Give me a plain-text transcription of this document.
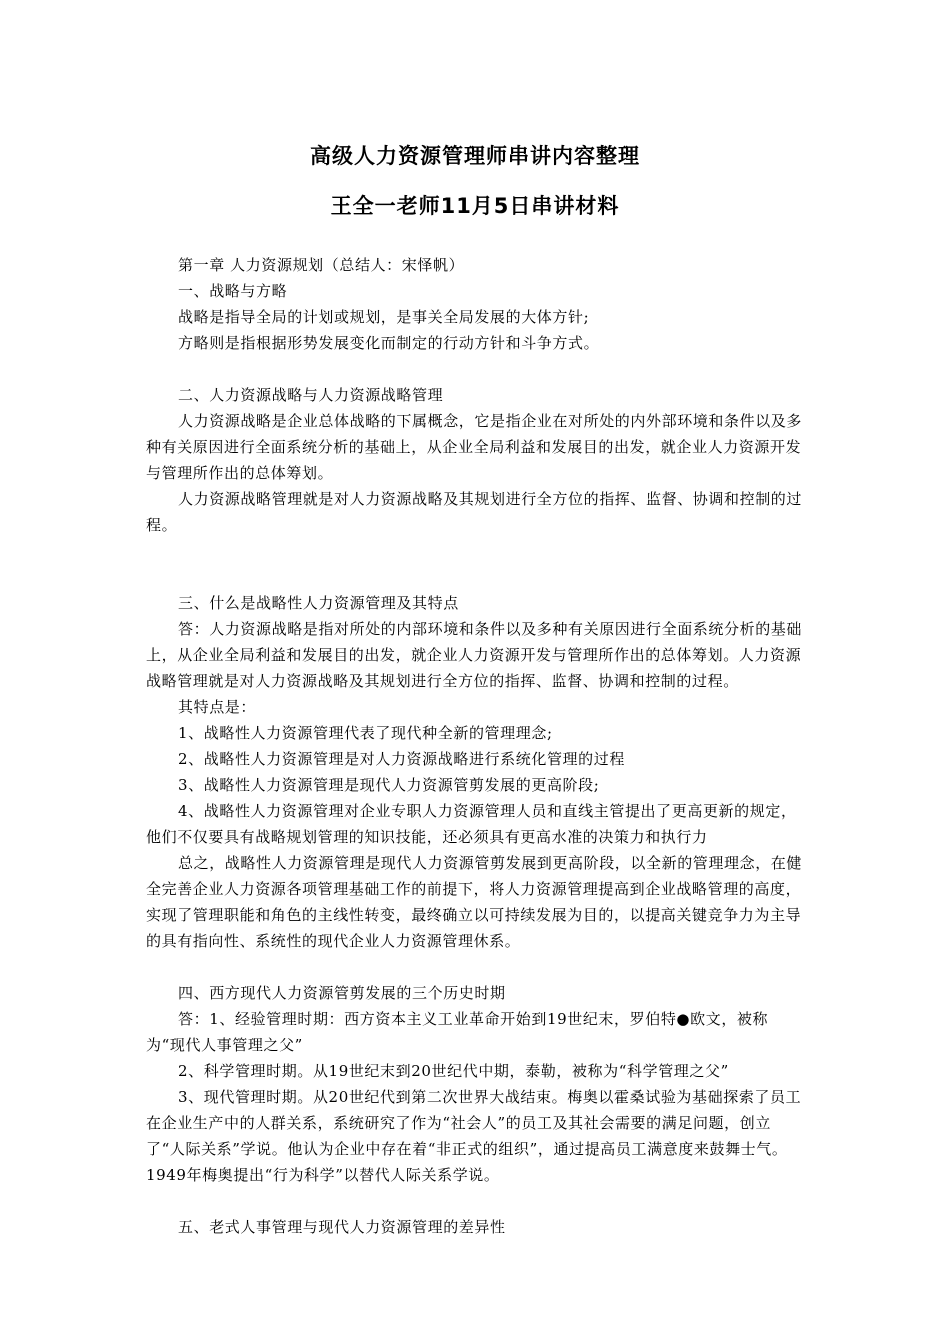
高级人力资源管理师串讲内容整理
王全一老师11月5日串讲材料

第一章 人力资源规划（总结人：宋怿帆）

一、战略与方略

战略是指导全局的计划或规划，是事关全局发展的大体方针;

方略则是指根据形势发展变化而制定的行动方针和斗争方式。

二、人力资源战略与人力资源战略管理

人力资源战略是企业总体战略的下属概念，它是指企业在对所处的内外部环境和条件以及多种有关原因进行全面系统分析的基础上，从企业全局利益和发展目的出发，就企业人力资源开发与管理所作出的总体筹划。

人力资源战略管理就是对人力资源战略及其规划进行全方位的指挥、监督、协调和控制的过程。

三、什么是战略性人力资源管理及其特点

答：人力资源战略是指对所处的内部环境和条件以及多种有关原因进行全面系统分析的基础上，从企业全局利益和发展目的出发，就企业人力资源开发与管理所作出的总体筹划。人力资源战略管理就是对人力资源战略及其规划进行全方位的指挥、监督、协调和控制的过程。

其特点是：

1、战略性人力资源管理代表了现代种全新的管理理念;

2、战略性人力资源管理是对人力资源战略进行系统化管理的过程

3、战略性人力资源管理是现代人力资源管剪发展的更高阶段;

4、战略性人力资源管理对企业专职人力资源管理人员和直线主管提出了更高更新的规定，他们不仅要具有战略规划管理的知识技能，还必须具有更高水准的决策力和执行力

总之，战略性人力资源管理是现代人力资源管剪发展到更高阶段，以全新的管理理念，在健全完善企业人力资源各项管理基础工作的前提下，将人力资源管理提高到企业战略管理的高度，实现了管理职能和角色的主线性转变，最终确立以可持续发展为目的，以提高关键竞争力为主导的具有指向性、系统性的现代企业人力资源管理休系。

四、西方现代人力资源管剪发展的三个历史时期

答：1、经验管理时期：西方资本主义工业革命开始到19世纪末，罗伯特●欧文，被称为“现代人事管理之父”

2、科学管理时期。从19世纪末到20世纪代中期，泰勒，被称为“科学管理之父”

3、现代管理时期。从20世纪代到第二次世界大战结束。梅奥以霍桑试验为基础探索了员工在企业生产中的人群关系，系统研究了作为“社会人”的员工及其社会需要的满足问题，创立了“人际关系”学说。他认为企业中存在着“非正式的组织”，通过提高员工满意度来鼓舞士气。1949年梅奥提出“行为科学”以替代人际关系学说。

五、老式人事管理与现代人力资源管理的差异性
